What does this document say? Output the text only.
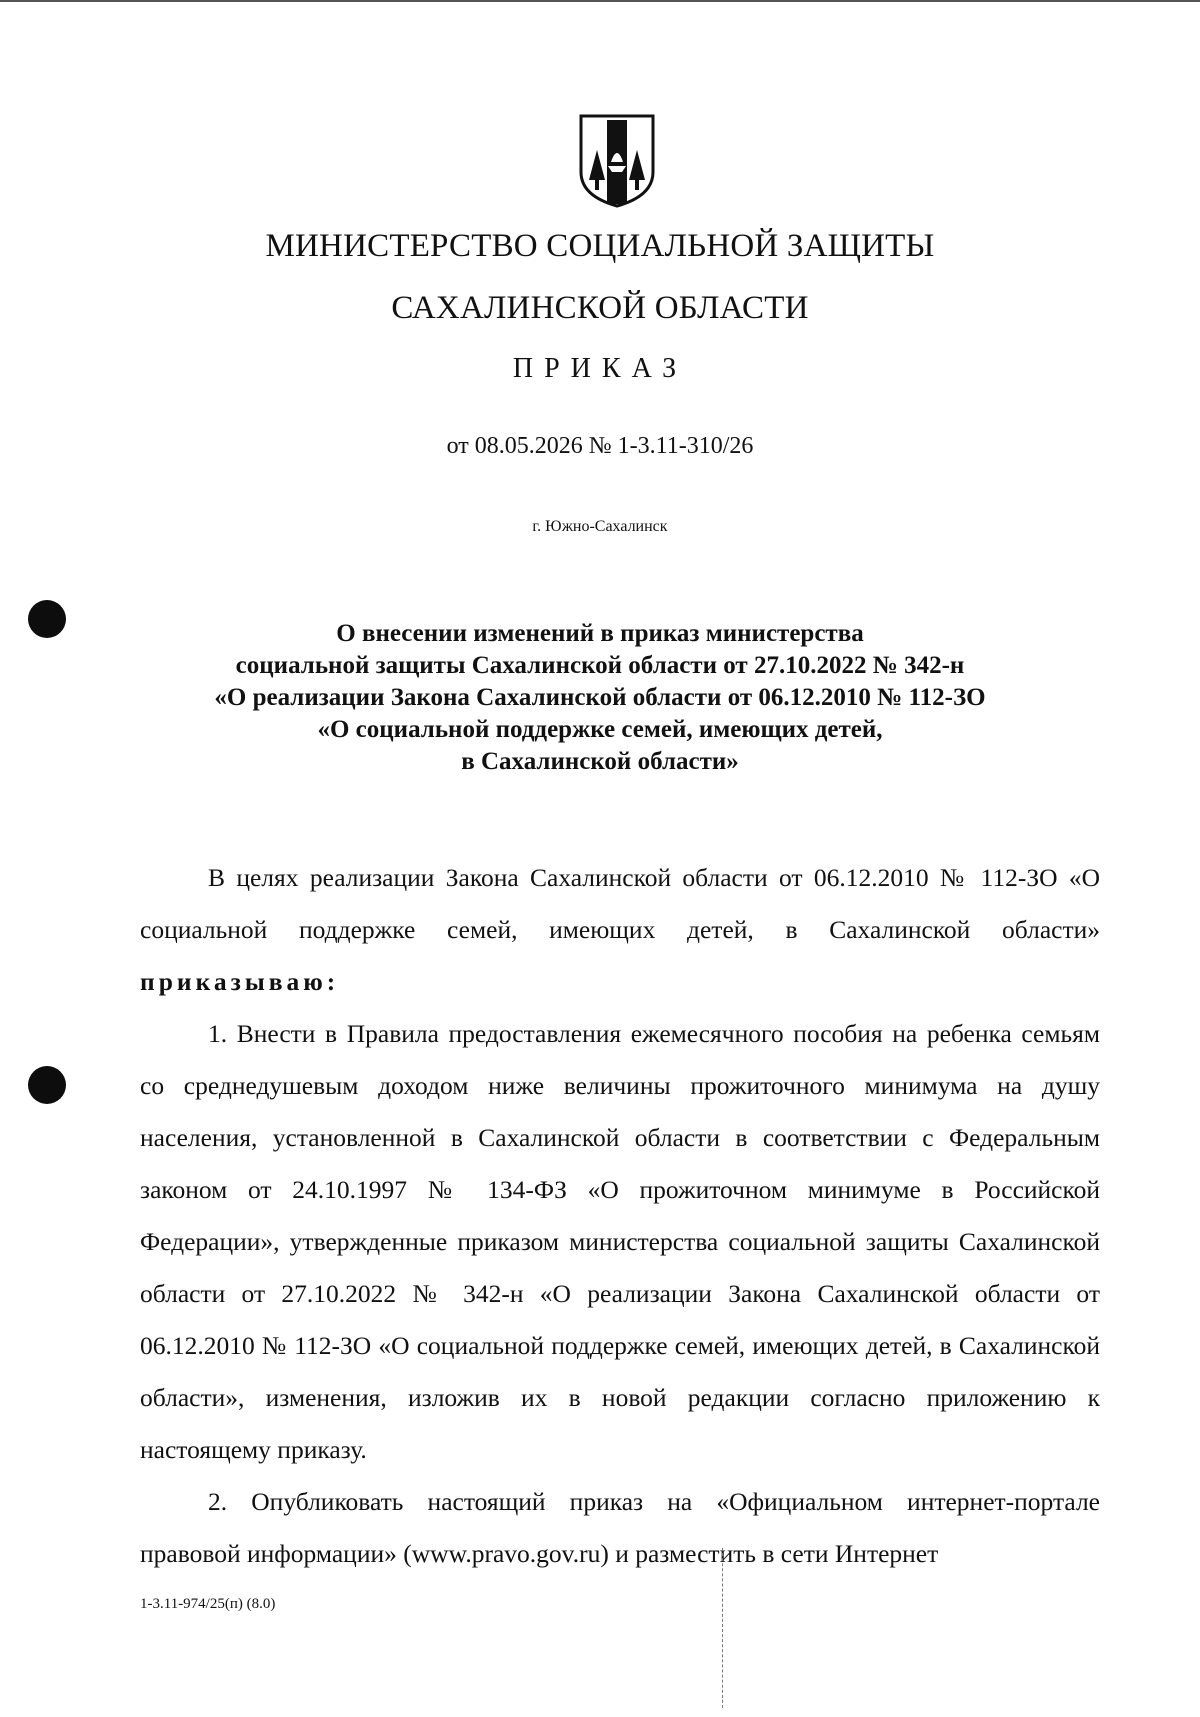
МИНИСТЕРСТВО СОЦИАЛЬНОЙ ЗАЩИТЫ
САХАЛИНСКОЙ ОБЛАСТИ
ПРИКАЗ
от 08.05.2026 № 1-3.11-310/26
г. Южно-Сахалинск
О внесении изменений в приказ министерства
социальной защиты Сахалинской области от 27.10.2022 № 342-н
«О реализации Закона Сахалинской области от 06.12.2010 № 112-ЗО
«О социальной поддержке семей, имеющих детей,
в Сахалинской области»

В целях реализации Закона Сахалинской области от 06.12.2010 № 112-ЗО «О социальной поддержке семей, имеющих детей, в Сахалинской области» приказываю:

1. Внести в Правила предоставления ежемесячного пособия на ребенка семьям со среднедушевым доходом ниже величины прожиточного минимума на душу населения, установленной в Сахалинской области в соответствии с Федеральным законом от 24.10.1997 № 134-ФЗ «О прожиточном минимуме в Российской Федерации», утвержденные приказом министерства социальной защиты Сахалинской области от 27.10.2022 № 342-н «О реализации Закона Сахалинской области от 06.12.2010 № 112-ЗО «О социальной поддержке семей, имеющих детей, в Сахалинской области», изменения, изложив их в новой редакции согласно приложению к настоящему приказу.

2. Опубликовать настоящий приказ на «Официальном интернет-портале правовой информации» (www.pravo.gov.ru) и разместить в сети Интернет

1-3.11-974/25(п) (8.0)
